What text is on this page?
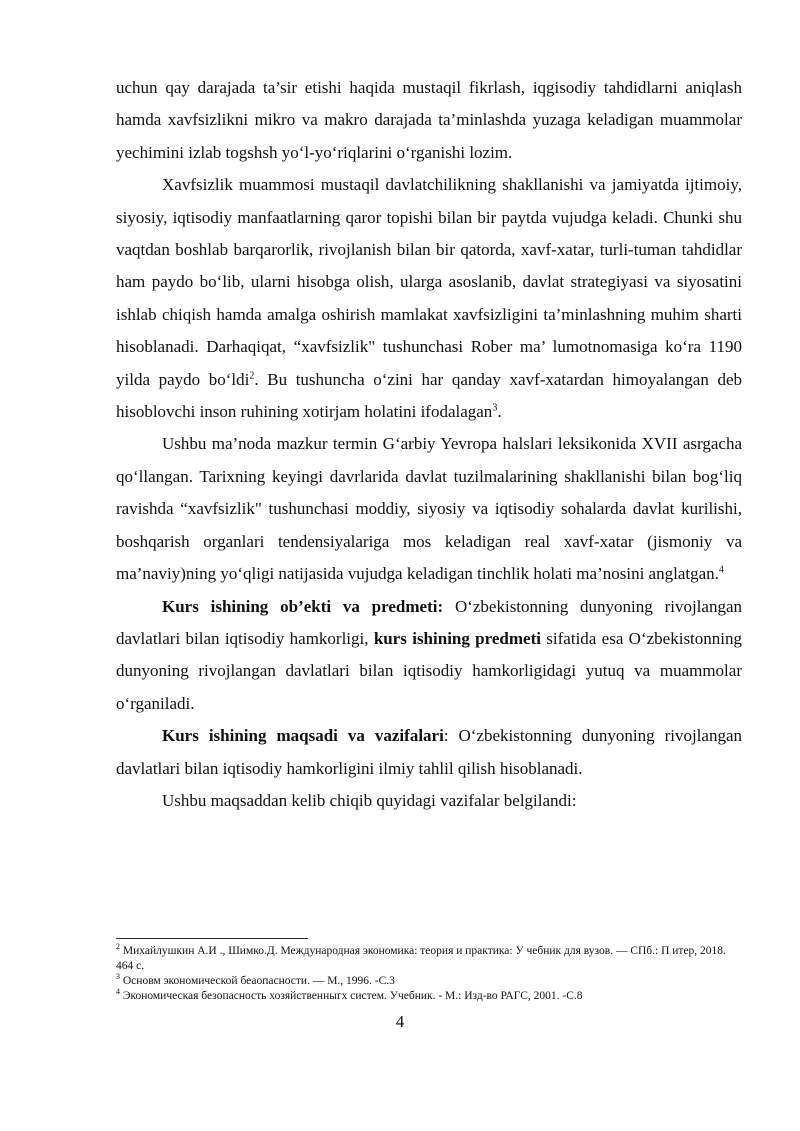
uchun qay darajada ta’sir etishi haqida mustaqil fikrlash, iqgisodiy tahdidlarni aniqlash hamda xavfsizlikni mikro va makro darajada ta’minlashda yuzaga keladigan muammolar yechimini izlab togshsh yo‘l-yo‘riqlarini o‘rganishi lozim.

Xavfsizlik muammosi mustaqil davlatchilikning shakllanishi va jamiyatda ijtimoiy, siyosiy, iqtisodiy manfaatlarning qaror topishi bilan bir paytda vujudga keladi. Chunki shu vaqtdan boshlab barqarorlik, rivojlanish bilan bir qatorda, xavf-xatar, turli-tuman tahdidlar ham paydo bo‘lib, ularni hisobga olish, ularga asoslanib, davlat strategiyasi va siyosatini ishlab chiqish hamda amalga oshirish mamlakat xavfsizligini ta’minlashning muhim sharti hisoblanadi. Darhaqiqat, “xavfsizlik" tushunchasi Rober ma’ lumotnomasiga ko‘ra 1190 yilda paydo bo‘ldi$^2$. Bu tushuncha o‘zini har qanday xavf-xatardan himoyalangan deb hisoblovchi inson ruhining xotirjam holatini ifodalagan$^3$.

Ushbu ma’noda mazkur termin G‘arbiy Yevropa halslari leksikonida XVII asrgacha qo‘llangan. Tarixning keyingi davrlarida davlat tuzilmalarining shakllanishi bilan bog‘liq ravishda “xavfsizlik" tushunchasi moddiy, siyosiy va iqtisodiy sohalarda davlat kurilishi, boshqarish organlari tendensiyalariga mos keladigan real xavf-xatar (jismoniy va ma’naviy)ning yo‘qligi natijasida vujudga keladigan tinchlik holati ma’nosini anglatgan.$^4$

Kurs ishining ob’ekti va predmeti: O‘zbekistonning dunyoning rivojlangan davlatlari bilan iqtisodiy hamkorligi, kurs ishining predmeti sifatida esa O‘zbekistonning dunyoning rivojlangan davlatlari bilan iqtisodiy hamkorligidagi yutuq va muammolar o‘rganiladi.

Kurs ishining maqsadi va vazifalari: O‘zbekistonning dunyoning rivojlangan davlatlari bilan iqtisodiy hamkorligini ilmiy tahlil qilish hisoblanadi.

Ushbu maqsaddan kelib chiqib quyidagi vazifalar belgilandi:

$^2$ Михайлушкин А.И ., Шимко.Д. Международная экономика: теория и практика: У чебник для вузов. — СПб.: П итер, 2018. 464 с.

$^3$ Основм экономической беаопасности. — М., 1996. -С.3

$^4$ Экономическая безопасность хозяйственныгх систем. Учебник. - М.: Изд-во РАГС, 2001. -С.8

4
